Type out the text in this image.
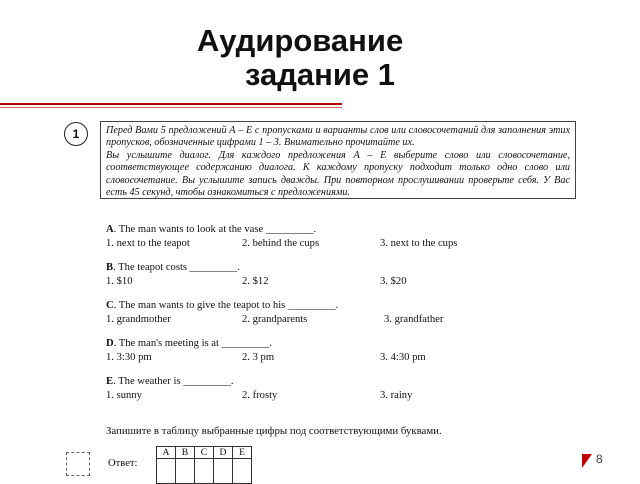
Аудирование
задание 1
1	Перед Вами 5 предложений А – Е с пропусками и варианты слов или словосочетаний для заполнения этих пропусков, обозначенные цифрами 1 – 3. Внимательно прочитайте их.

Вы услышите диалог. Для каждого предложения А – Е выберите слово или словосочетание, соответствующее содержанию диалога. К каждому пропуску подходит только одно слово или словосочетание. Вы услышите запись дважды. При повторном прослушивании проверьте себя. У Вас есть 45 секунд, чтобы ознакомиться с предложениями.

A. The man wants to look at the vase _________.
1. next to the teapot	2. behind the cups	3. next to the cups
B. The teapot costs _________.
1. $10	2. $12	3. $20
C. The man wants to give the teapot to his _________.
1. grandmother	2. grandparents	3. grandfather
D. The man's meeting is at _________.
1. 3:30 pm	2. 3 pm	3. 4:30 pm
E. The weather is _________.
1. sunny	2. frosty	3. rainy
Запишите в таблицу выбранные цифры под соответствующими буквами.
Ответ:
A	B	C	D	E
					8
